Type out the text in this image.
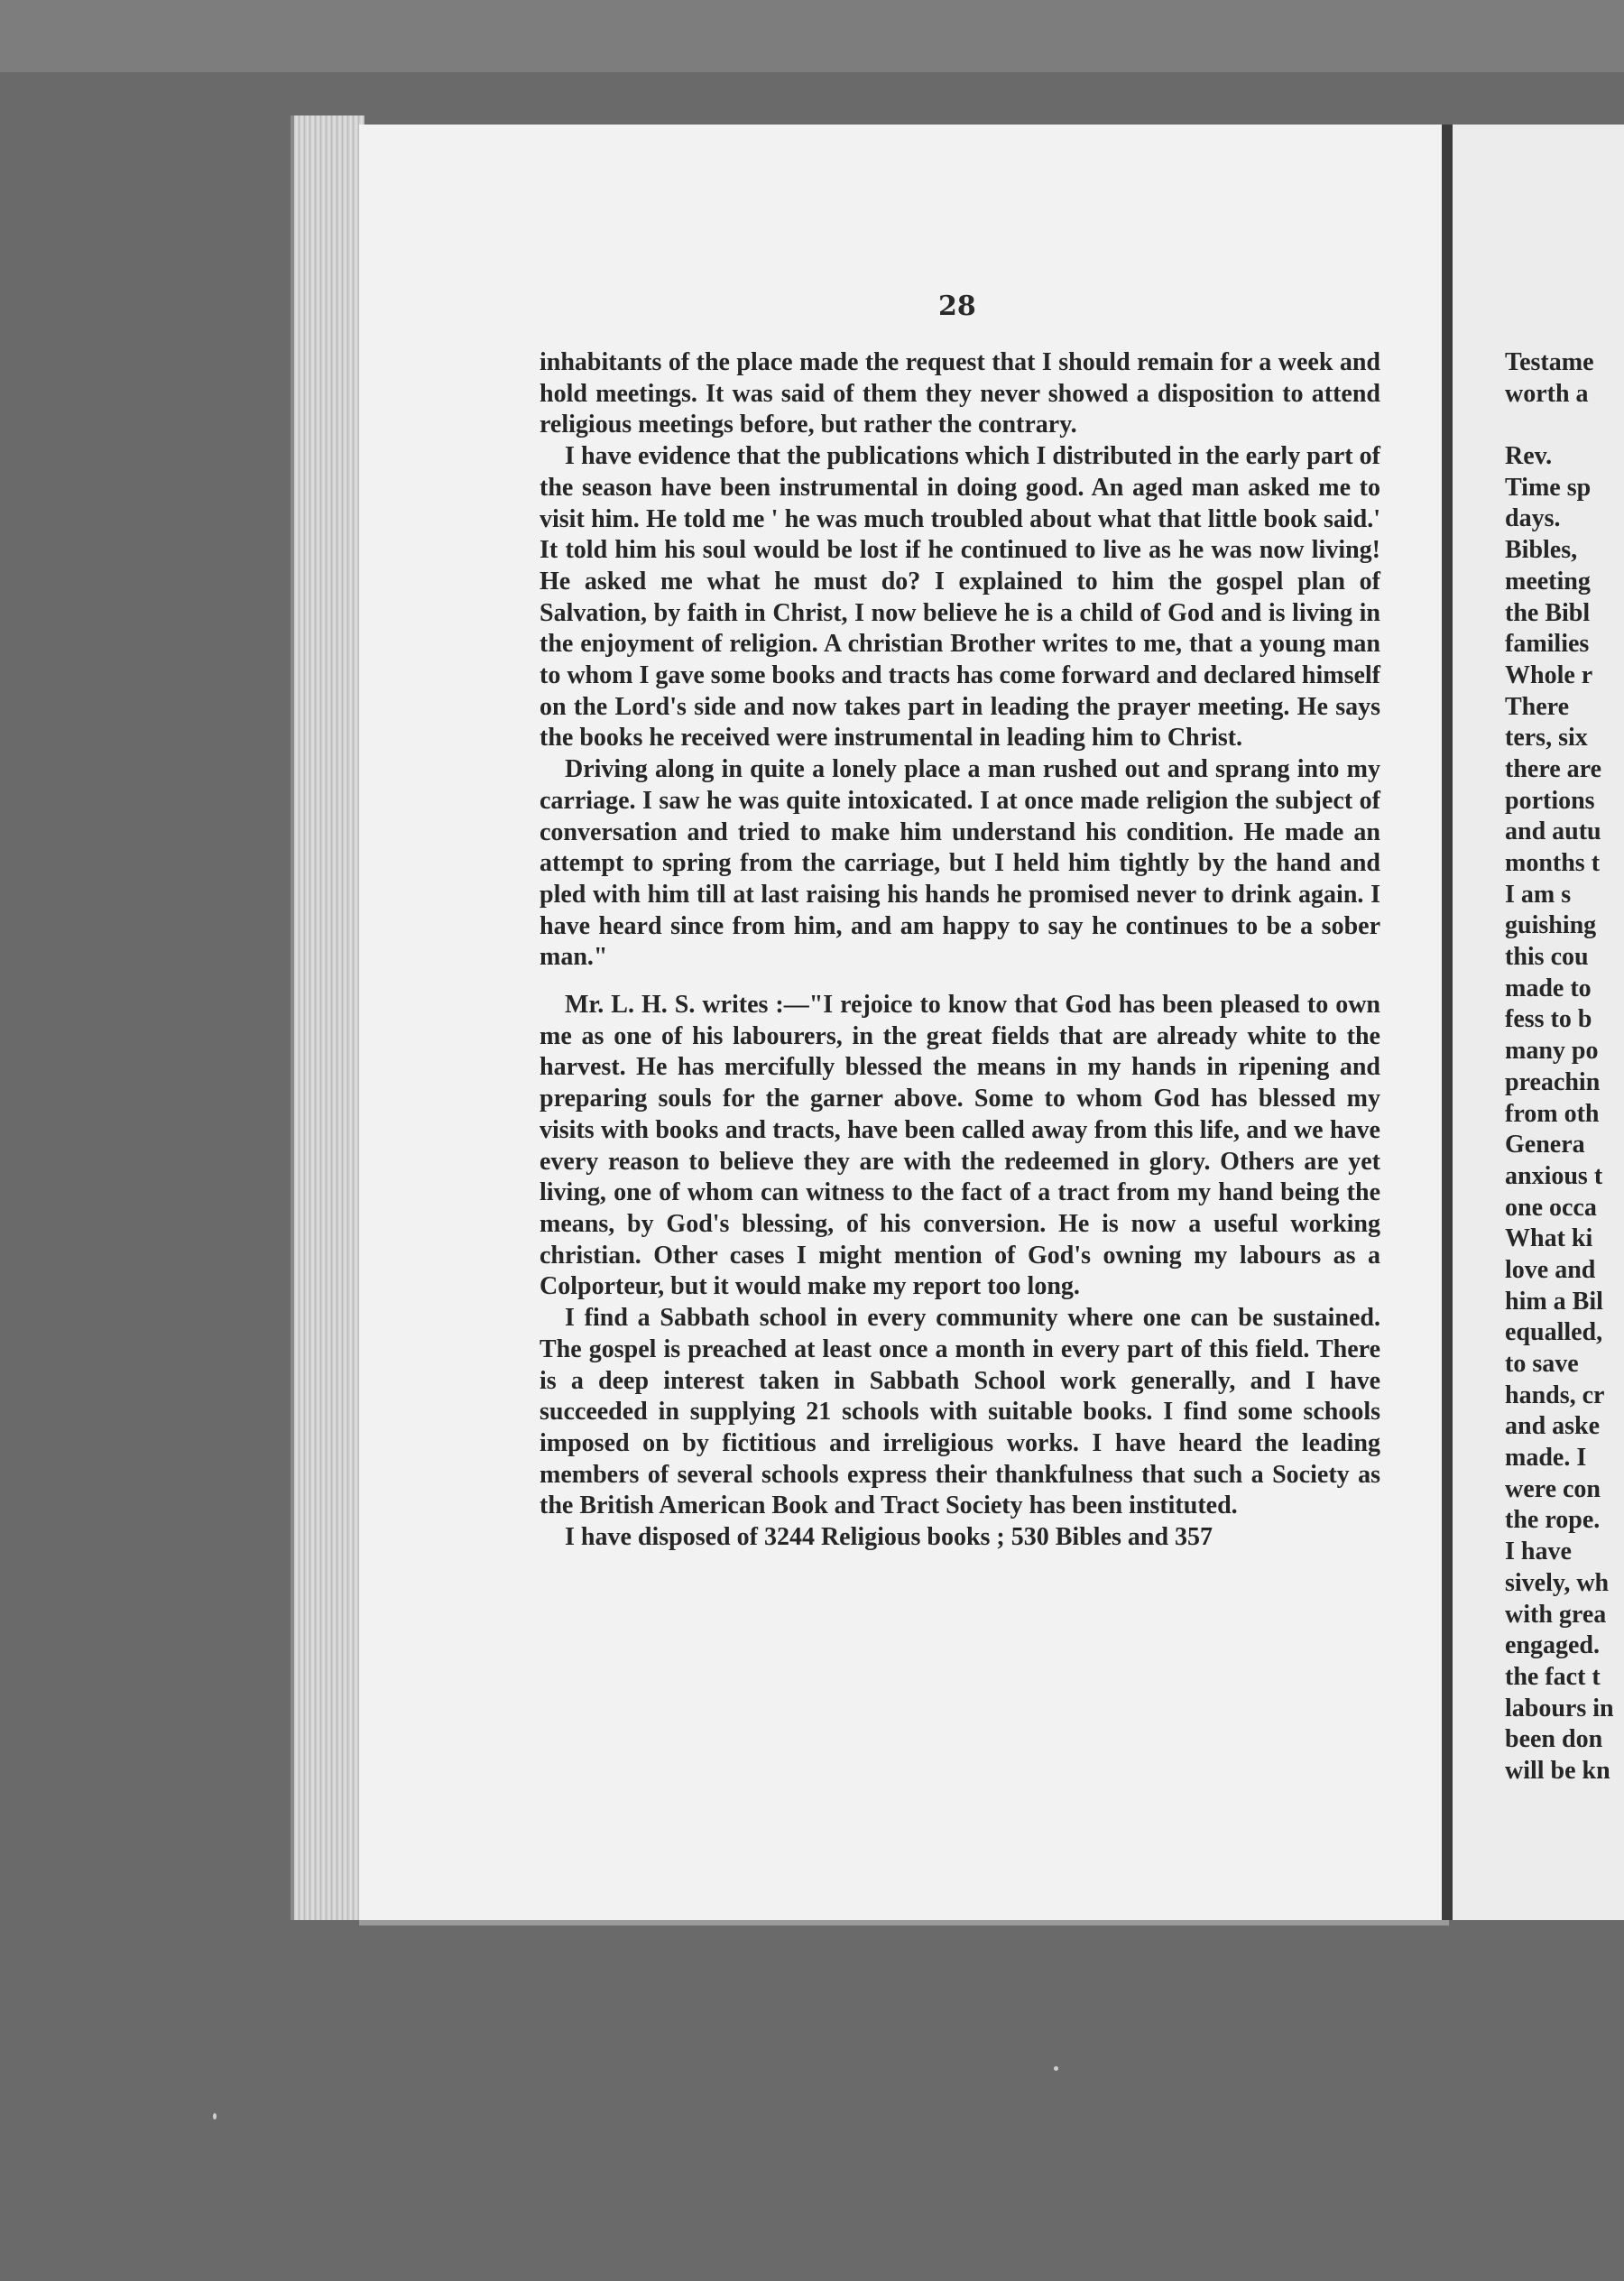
28

inhabitants of the place made the request that I should remain for a week and hold meetings. It was said of them they never showed a disposition to attend religious meetings before, but rather the contrary.

I have evidence that the publications which I distributed in the early part of the season have been instrumental in doing good. An aged man asked me to visit him. He told me ' he was much troubled about what that little book said.' It told him his soul would be lost if he continued to live as he was now living! He asked me what he must do? I explained to him the gospel plan of Salvation, by faith in Christ, I now believe he is a child of God and is living in the enjoyment of religion. A christian Brother writes to me, that a young man to whom I gave some books and tracts has come forward and declared himself on the Lord's side and now takes part in leading the prayer meeting. He says the books he received were instrumental in leading him to Christ.

Driving along in quite a lonely place a man rushed out and sprang into my carriage. I saw he was quite intoxicated. I at once made religion the subject of conversation and tried to make him understand his condition. He made an attempt to spring from the carriage, but I held him tightly by the hand and pled with him till at last raising his hands he promised never to drink again. I have heard since from him, and am happy to say he continues to be a sober man."

Mr. L. H. S. writes :—"I rejoice to know that God has been pleased to own me as one of his labourers, in the great fields that are already white to the harvest. He has mercifully blessed the means in my hands in ripening and preparing souls for the garner above. Some to whom God has blessed my visits with books and tracts, have been called away from this life, and we have every reason to believe they are with the redeemed in glory. Others are yet living, one of whom can witness to the fact of a tract from my hand being the means, by God's blessing, of his conversion. He is now a useful working christian. Other cases I might mention of God's owning my labours as a Colporteur, but it would make my report too long.

I find a Sabbath school in every community where one can be sustained. The gospel is preached at least once a month in every part of this field. There is a deep interest taken in Sabbath School work generally, and I have succeeded in supplying 21 schools with suitable books. I find some schools imposed on by fictitious and irreligious works. I have heard the leading members of several schools express their thankfulness that such a Society as the British American Book and Tract Society has been instituted.

I have disposed of 3244 Religious books ; 530 Bibles and 357

Testame
worth a
Rev.
Time sp
days.
Bibles,
meeting
the Bibl
families
Whole r
There
ters, six
there are
portions
and autu
months t
I am s
guishing
this cou
made to
fess to b
many po
preachin
from oth
Genera
anxious t
one occa
What ki
love and
him a Bil
equalled,
to save
hands, cr
and aske
made. I
were con
the rope.
I have
sively, wh
with grea
engaged.
the fact t
labours in
been don
will be kn
